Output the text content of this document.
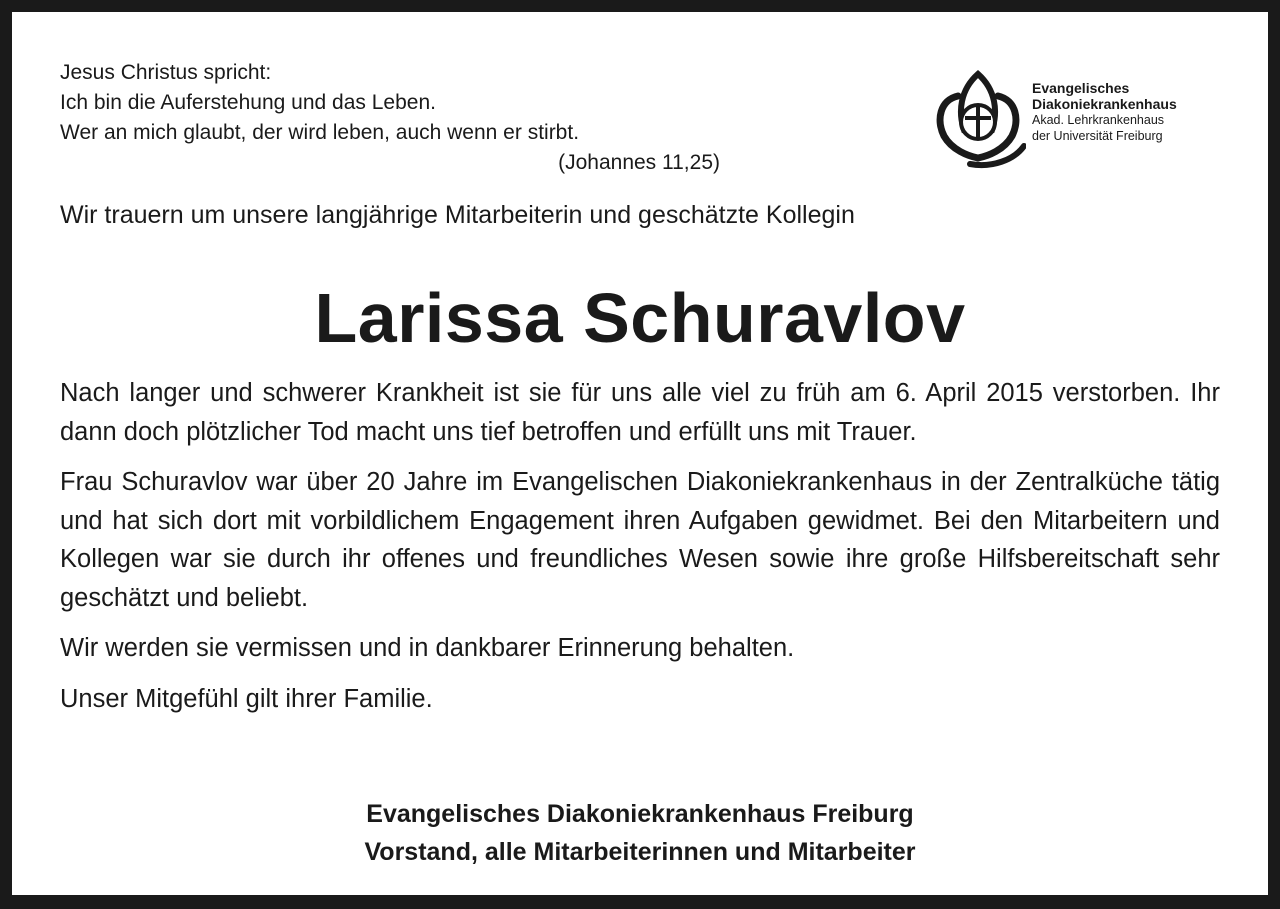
Jesus Christus spricht:
Ich bin die Auferstehung und das Leben.
Wer an mich glaubt, der wird leben, auch wenn er stirbt.
(Johannes 11,25)
Evangelisches
Diakoniekrankenhaus
Akad. Lehrkrankenhaus
der Universität Freiburg
Wir trauern um unsere langjährige Mitarbeiterin und geschätzte Kollegin
Larissa Schuravlov

Nach langer und schwerer Krankheit ist sie für uns alle viel zu früh am 6. April 2015 verstorben. Ihr dann doch plötzlicher Tod macht uns tief betroffen und erfüllt uns mit Trauer.

Frau Schuravlov war über 20 Jahre im Evangelischen Diakoniekrankenhaus in der Zentralküche tätig und hat sich dort mit vorbildlichem Engagement ihren Aufgaben gewidmet. Bei den Mitarbeitern und Kollegen war sie durch ihr offenes und freundliches Wesen sowie ihre große Hilfsbereitschaft sehr geschätzt und beliebt.

Wir werden sie vermissen und in dankbarer Erinnerung behalten.

Unser Mitgefühl gilt ihrer Familie.

Evangelisches Diakoniekrankenhaus Freiburg
Vorstand, alle Mitarbeiterinnen und Mitarbeiter
